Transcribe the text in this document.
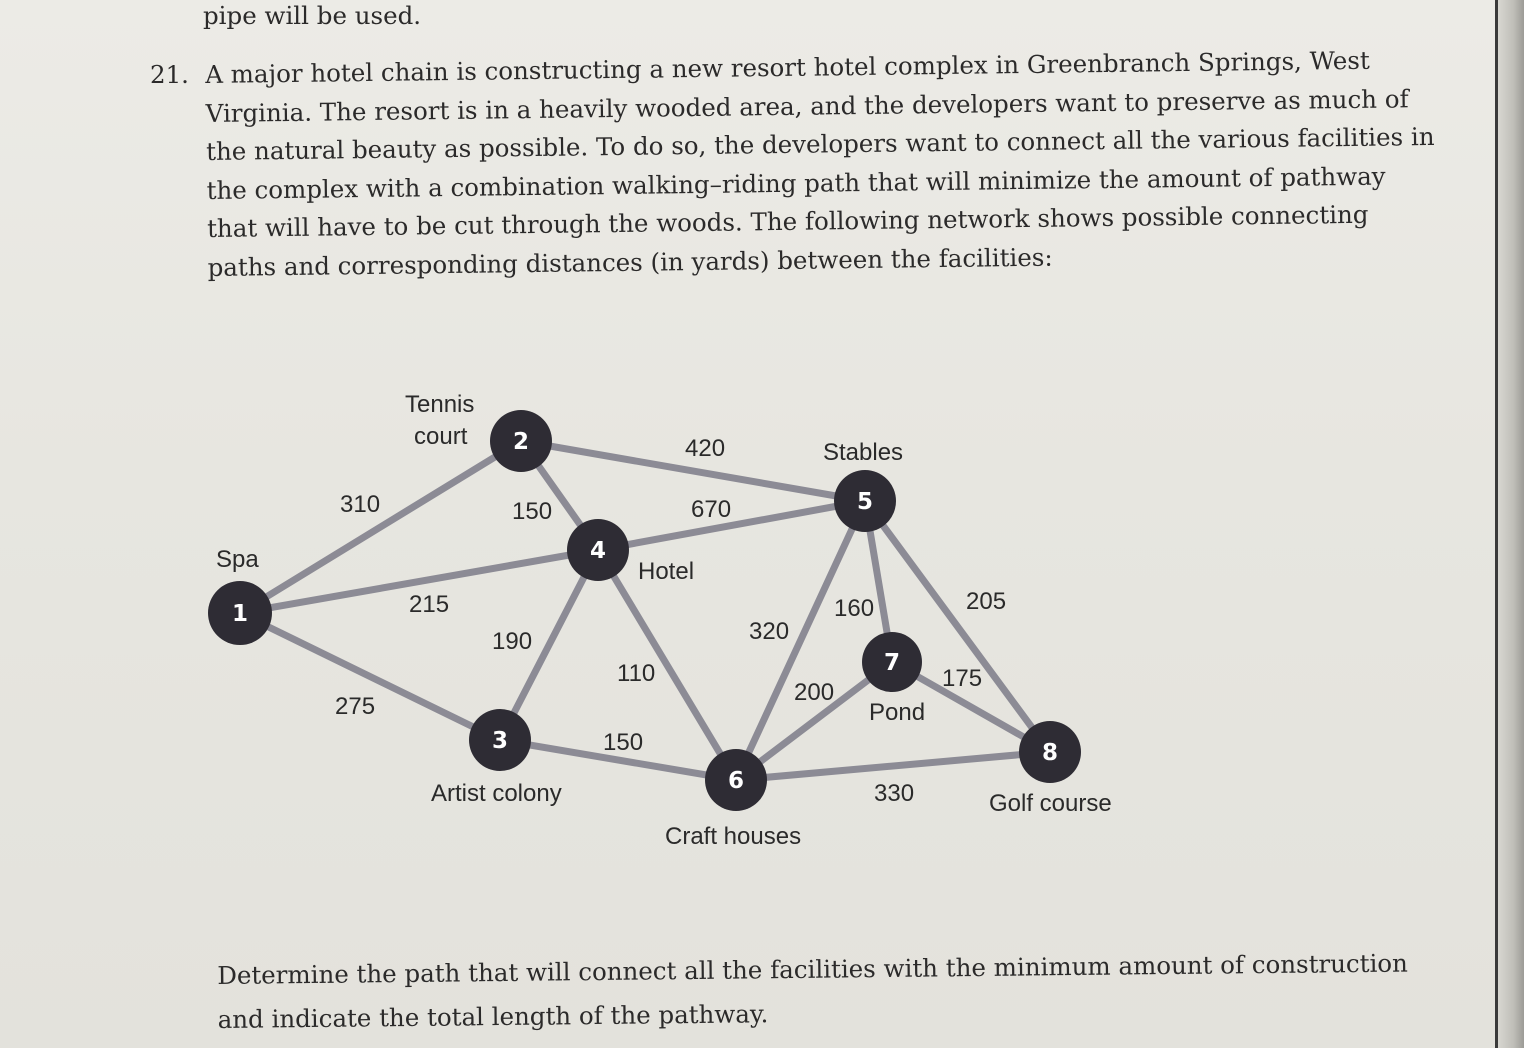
pipe will be used.
21. A major hotel chain is constructing a new resort hotel complex in Greenbranch Springs, West
Virginia. The resort is in a heavily wooded area, and the developers want to preserve as much of
the natural beauty as possible. To do so, the developers want to connect all the various facilities in
the complex with a combination walking–riding path that will minimize the amount of pathway
that will have to be cut through the woods. The following network shows possible connecting
paths and corresponding distances (in yards) between the facilities:
310
215
275
420
150	670
190
110
150
320
160	205
200
175
330
1
2
3
4
5
6
7
8
Spa
Tennis
court
Artist colony
Hotel
Stables
Craft houses
Pond
Golf course
Determine the path that will connect all the facilities with the minimum amount of construction
and indicate the total length of the pathway.
